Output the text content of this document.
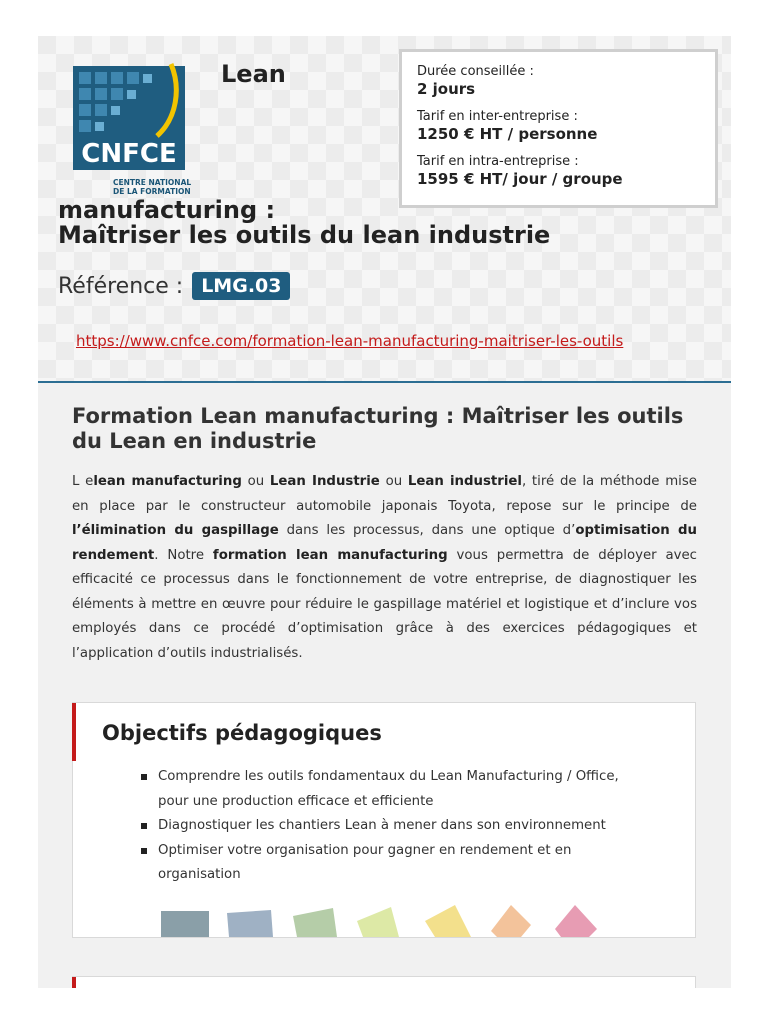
CNFCE
CENTRE NATIONAL
DE LA FORMATION
Lean
manufacturing :
Maîtriser les outils du lean industrie
Durée conseillée :
2 jours
Tarif en inter-entreprise :
1250 € HT / personne
Tarif en intra-entreprise :
1595 € HT/ jour / groupe
Référence : LMG.03
https://www.cnfce.com/formation-lean-manufacturing-maitriser-les-outils
Formation Lean manufacturing : Maîtriser les outils du Lean en industrie
L elean manufacturing ou Lean Industrie ou Lean industriel, tiré de la méthode mise en place par le constructeur automobile japonais Toyota, repose sur le principe de l’élimination du gaspillage dans les processus, dans une optique d’optimisation du rendement. Notre formation lean manufacturing vous permettra de déployer avec efficacité ce processus dans le fonctionnement de votre entreprise, de diagnostiquer les éléments à mettre en œuvre pour réduire le gaspillage matériel et logistique et d’inclure vos employés dans ce procédé d’optimisation grâce à des exercices pédagogiques et l’application d’outils industrialisés.
Objectifs pédagogiques
Comprendre les outils fondamentaux du Lean Manufacturing / Office, pour une production efficace et efficiente
Diagnostiquer les chantiers Lean à mener dans son environnement
Optimiser votre organisation pour gagner en rendement et en organisation
